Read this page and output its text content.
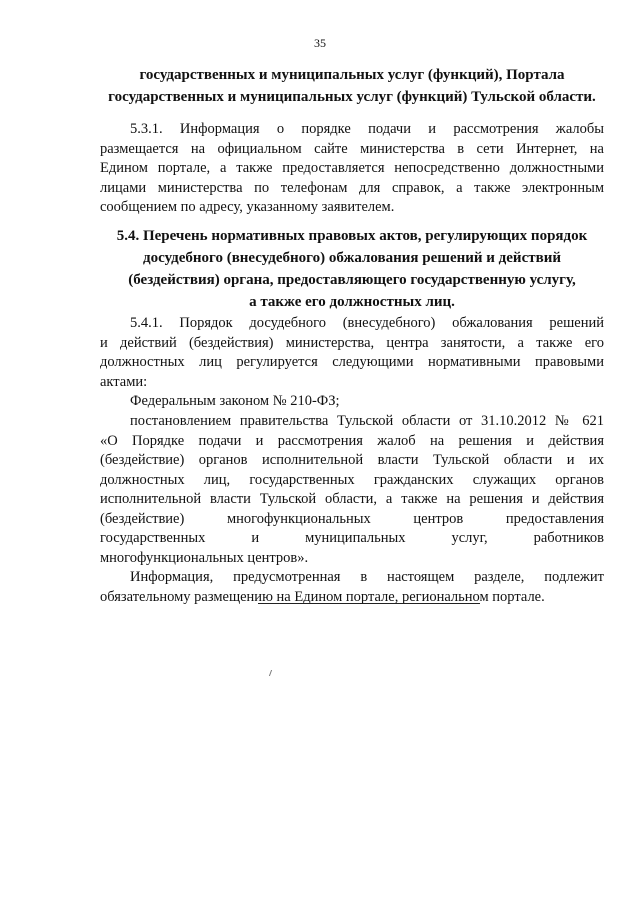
35
государственных и муниципальных услуг (функций), Портала
государственных и муниципальных услуг (функций) Тульской области.
5.3.1. Информация о порядке подачи и рассмотрения жалобы
размещается на официальном сайте министерства в сети Интернет, на
Едином портале, а также предоставляется непосредственно должностными
лицами министерства по телефонам для справок, а также электронным
сообщением по адресу, указанному заявителем.
5.4. Перечень нормативных правовых актов, регулирующих порядок
досудебного (внесудебного) обжалования решений и действий
(бездействия) органа, предоставляющего государственную услугу,
а также его должностных лиц.
5.4.1. Порядок досудебного (внесудебного) обжалования решений
и действий (бездействия) министерства, центра занятости, а также его
должностных лиц регулируется следующими нормативными правовыми
актами:
Федеральным законом № 210-ФЗ;
постановлением правительства Тульской области от 31.10.2012 № 621
«О Порядке подачи и рассмотрения жалоб на решения и действия
(бездействие) органов исполнительной власти Тульской области и их
должностных лиц, государственных гражданских служащих органов
исполнительной власти Тульской области, а также на решения и действия
(бездействие) многофункциональных центров предоставления
государственных и муниципальных услуг, работников
многофункциональных центров».
Информация, предусмотренная в настоящем разделе, подлежит
обязательному размещению на Едином портале, региональном портале.
